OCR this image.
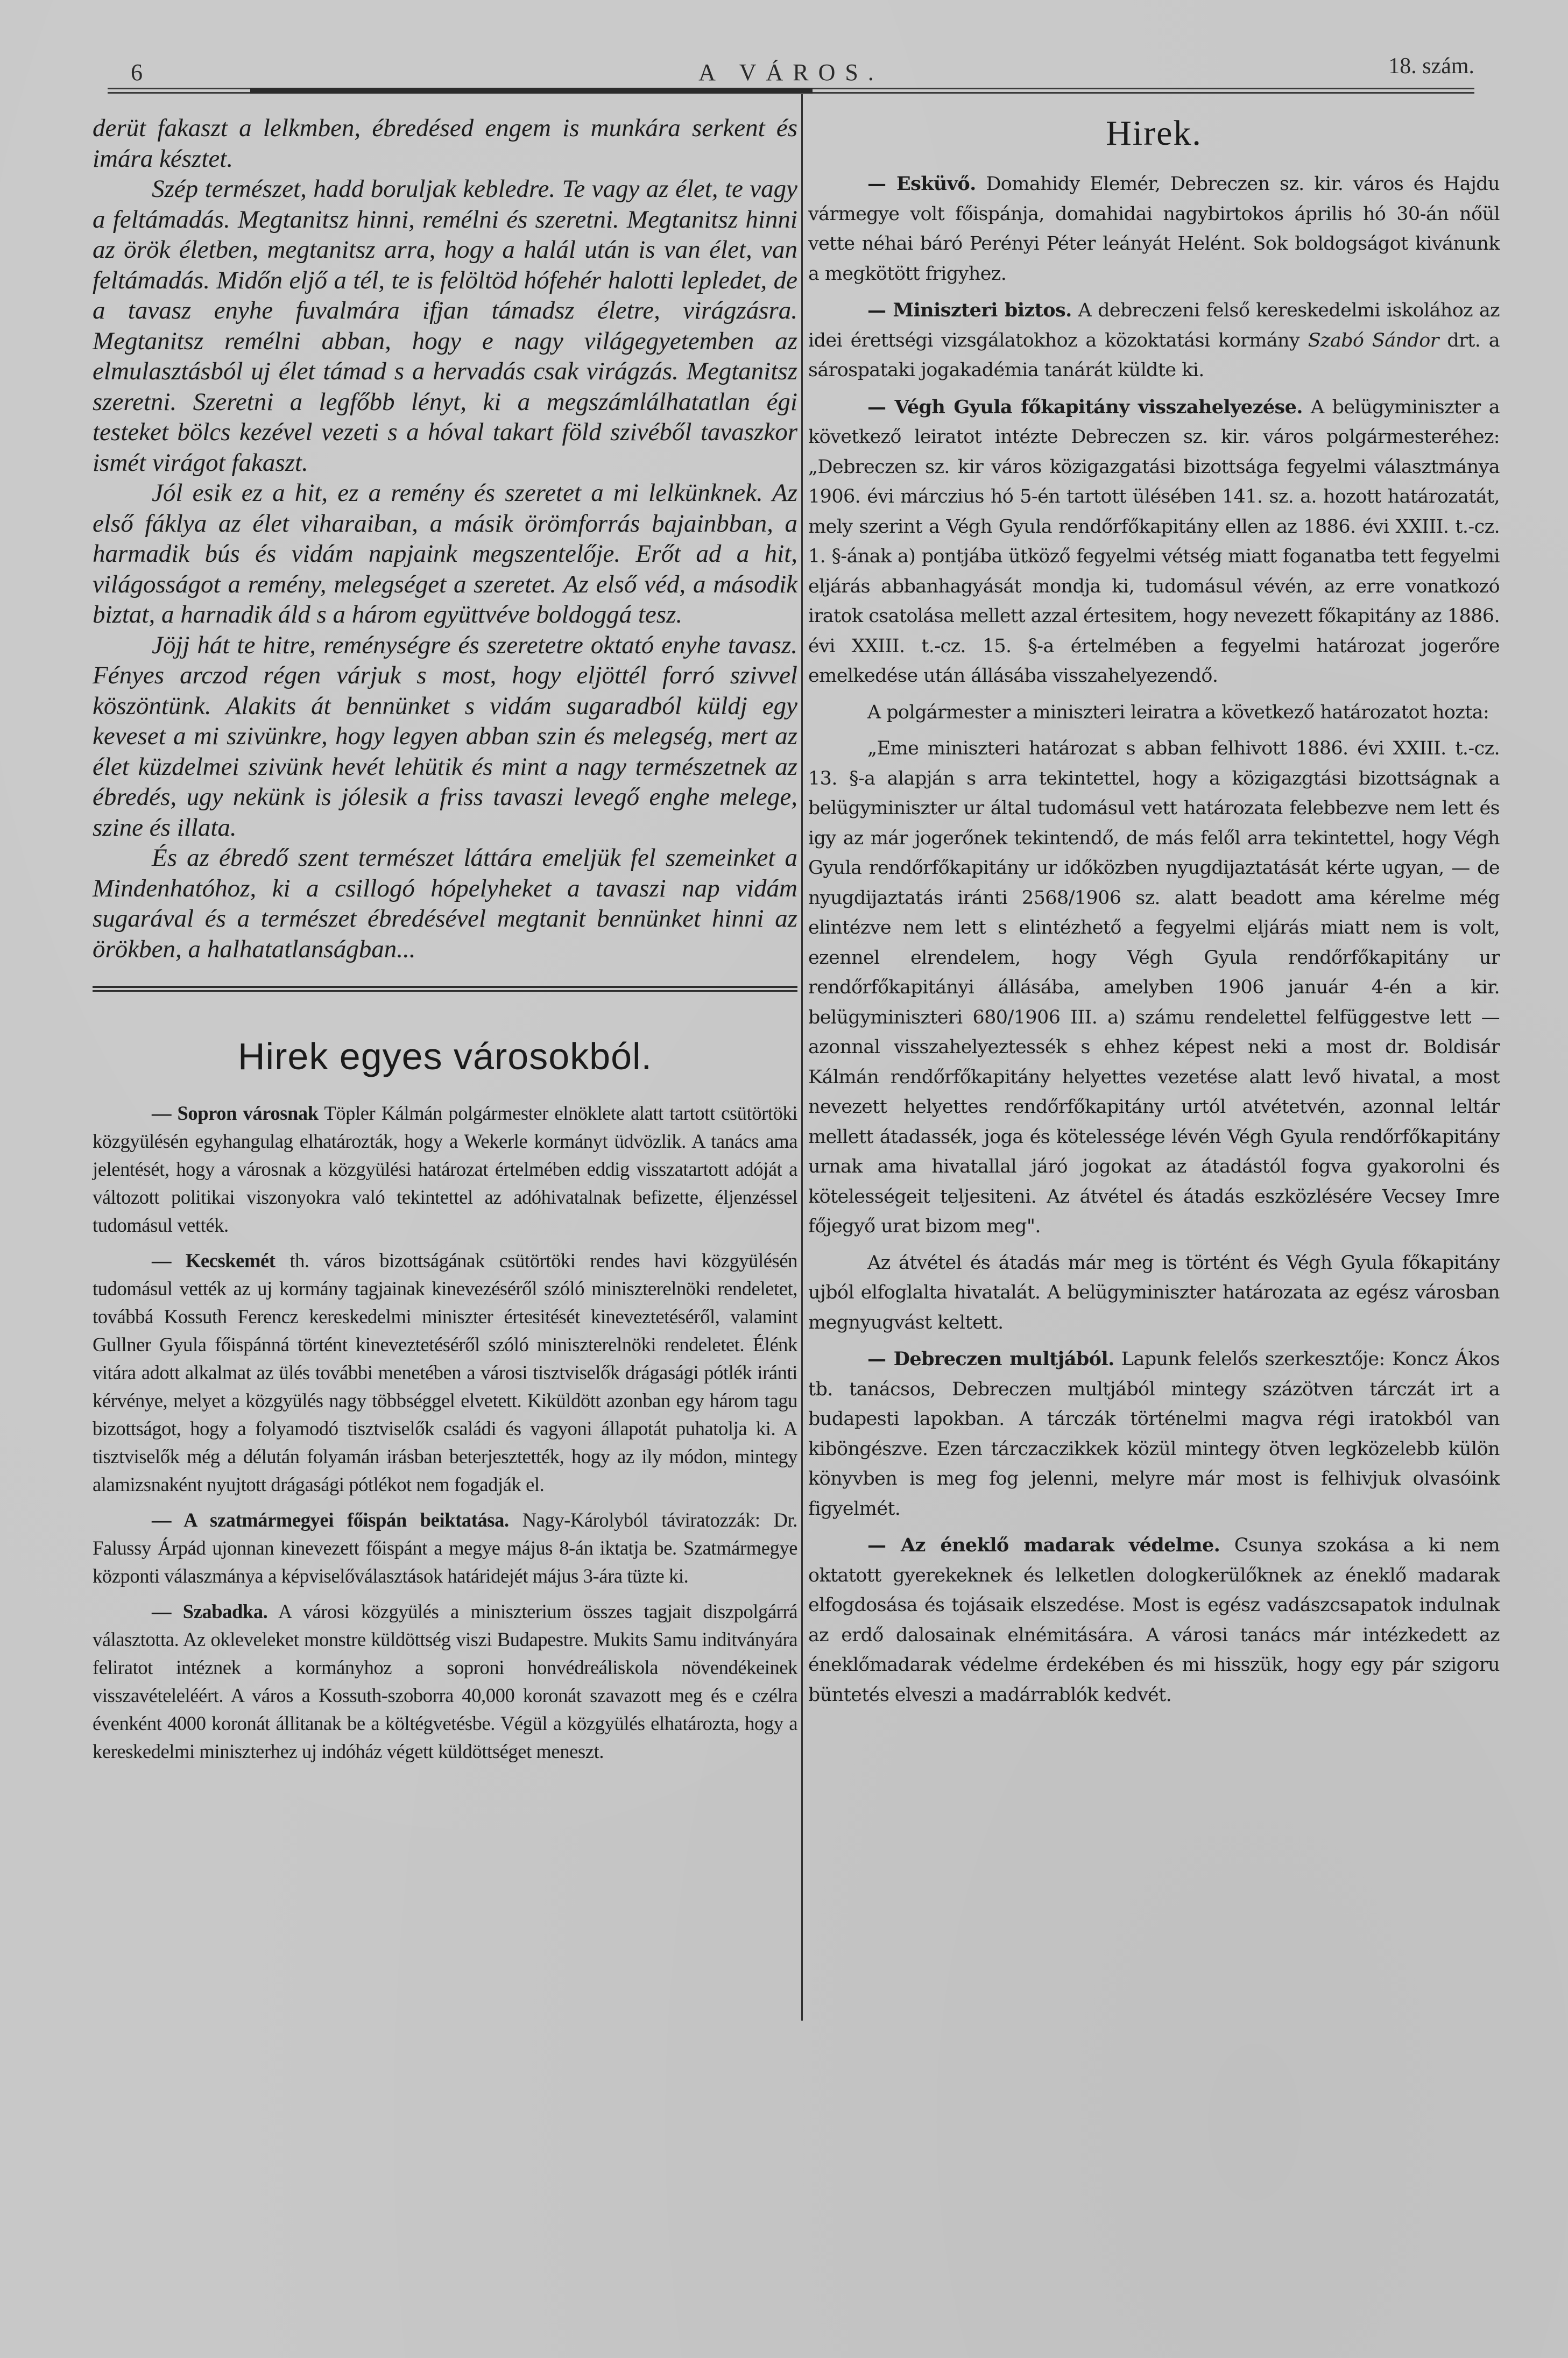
6	A VÁROS.	18. szám.

derüt fakaszt a lelkmben, ébredésed engem is munkára serkent és imára késztet.

Szép természet, hadd boruljak kebledre. Te vagy az élet, te vagy a feltámadás. Megtanitsz hinni, remélni és szeretni. Megtanitsz hinni az örök életben, megtanitsz arra, hogy a halál után is van élet, van feltámadás. Midőn eljő a tél, te is felöltöd hófehér halotti lepledet, de a tavasz enyhe fuvalmára ifjan támadsz életre, virágzásra. Megtanitsz remélni abban, hogy e nagy világegyetemben az elmulasztásból uj élet támad s a hervadás csak virágzás. Megtanitsz szeretni. Szeretni a legfőbb lényt, ki a megszámlálhatatlan égi testeket bölcs kezével vezeti s a hóval takart föld szivéből tavaszkor ismét virágot fakaszt.

Jól esik ez a hit, ez a remény és szeretet a mi lelkünknek. Az első fáklya az élet viharaiban, a másik örömforrás bajainbban, a harmadik bús és vidám napjaink megszentelője. Erőt ad a hit, világosságot a remény, melegséget a szeretet. Az első véd, a második biztat, a harnadik áld s a három együttvéve boldoggá tesz.

Jöjj hát te hitre, reménységre és szeretetre oktató enyhe tavasz. Fényes arczod régen várjuk s most, hogy eljöttél forró szivvel köszöntünk. Alakits át bennünket s vidám sugaradból küldj egy keveset a mi szivünkre, hogy legyen abban szin és melegség, mert az élet küzdelmei szivünk hevét lehütik és mint a nagy természetnek az ébredés, ugy nekünk is jólesik a friss tavaszi levegő enghe melege, szine és illata.

És az ébredő szent természet láttára emeljük fel szemeinket a Mindenhatóhoz, ki a csillogó hópelyheket a tavaszi nap vidám sugarával és a természet ébredésével megtanit bennünket hinni az örökben, a halhatatlanságban...

Hirek egyes városokból.

— Sopron városnak Töpler Kálmán polgármester elnöklete alatt tartott csütörtöki közgyülésén egyhangulag elhatározták, hogy a Wekerle kormányt üdvözlik. A tanács ama jelentését, hogy a városnak a közgyülési határozat értelmében eddig visszatartott adóját a változott politikai viszonyokra való tekintettel az adóhivatalnak befizette, éljenzéssel tudomásul vették.

— Kecskemét th. város bizottságának csütörtöki rendes havi közgyülésén tudomásul vették az uj kormány tagjainak kinevezéséről szóló miniszterelnöki rendeletet, továbbá Kossuth Ferencz kereskedelmi miniszter értesitését kineveztetéséről, valamint Gullner Gyula főispánná történt kineveztetéséről szóló miniszterelnöki rendeletet. Élénk vitára adott alkalmat az ülés további menetében a városi tisztviselők drágasági pótlék iránti kérvénye, melyet a közgyülés nagy többséggel elvetett. Kiküldött azonban egy három tagu bizottságot, hogy a folyamodó tisztviselők családi és vagyoni állapotát puhatolja ki. A tisztviselők még a délután folyamán irásban beterjesztették, hogy az ily módon, mintegy alamizsnaként nyujtott drágasági pótlékot nem fogadják el.

— A szatmármegyei főispán beiktatása. Nagy-Károlyból táviratozzák: Dr. Falussy Árpád ujonnan kinevezett főispánt a megye május 8-án iktatja be. Szatmármegye központi válaszmánya a képviselőválasztások határidejét május 3-ára tüzte ki.

— Szabadka. A városi közgyülés a miniszterium összes tagjait diszpolgárrá választotta. Az okleveleket monstre küldöttség viszi Budapestre. Mukits Samu inditványára feliratot intéznek a kormányhoz a soproni honvédreáliskola növendékeinek visszavételeléért. A város a Kossuth-szoborra 40,000 koronát szavazott meg és e czélra évenként 4000 koronát állitanak be a költégvetésbe. Végül a közgyülés elhatározta, hogy a kereskedelmi miniszterhez uj indóház végett küldöttséget meneszt.

Hirek.

— Esküvő. Domahidy Elemér, Debreczen sz. kir. város és Hajdu vármegye volt főispánja, domahidai nagybirtokos április hó 30-án nőül vette néhai báró Perényi Péter leányát Helént. Sok boldogságot kivánunk a megkötött frigyhez.

— Miniszteri biztos. A debreczeni felső kereskedelmi iskolához az idei érettségi vizsgálatokhoz a közoktatási kormány Szabó Sándor drt. a sárospataki jogakadémia tanárát küldte ki.

— Végh Gyula főkapitány visszahelyezése. A belügyminiszter a következő leiratot intézte Debreczen sz. kir. város polgármesteréhez: „Debreczen sz. kir város közigazgatási bizottsága fegyelmi választmánya 1906. évi márczius hó 5-én tartott ülésében 141. sz. a. hozott határozatát, mely szerint a Végh Gyula rendőrfőkapitány ellen az 1886. évi XXIII. t.-cz. 1. §-ának a) pontjába ütköző fegyelmi vétség miatt foganatba tett fegyelmi eljárás abbanhagyását mondja ki, tudomásul vévén, az erre vonatkozó iratok csatolása mellett azzal értesitem, hogy nevezett főkapitány az 1886. évi XXIII. t.-cz. 15. §-a értelmében a fegyelmi határozat jogerőre emelkedése után állásába visszahelyezendő.

A polgármester a miniszteri leiratra a következő határozatot hozta:

„Eme miniszteri határozat s abban felhivott 1886. évi XXIII. t.-cz. 13. §-a alapján s arra tekintettel, hogy a közigazgtási bizottságnak a belügyminiszter ur által tudomásul vett határozata felebbezve nem lett és igy az már jogerőnek tekintendő, de más felől arra tekintettel, hogy Végh Gyula rendőrfőkapitány ur időközben nyugdijaztatását kérte ugyan, — de nyugdijaztatás iránti 2568/1906 sz. alatt beadott ama kérelme még elintézve nem lett s elintézhető a fegyelmi eljárás miatt nem is volt, ezennel elrendelem, hogy Végh Gyula rendőrfőkapitány ur rendőrfőkapitányi állásába, amelyben 1906 január 4-én a kir. belügyminiszteri 680/1906 III. a) számu rendelettel felfüggestve lett — azonnal visszahelyeztessék s ehhez képest neki a most dr. Boldisár Kálmán rendőrfőkapitány helyettes vezetése alatt levő hivatal, a most nevezett helyettes rendőrfőkapitány urtól atvétetvén, azonnal leltár mellett átadassék, joga és kötelessége lévén Végh Gyula rendőrfőkapitány urnak ama hivatallal járó jogokat az átadástól fogva gyakorolni és kötelességeit teljesiteni. Az átvétel és átadás eszközlésére Vecsey Imre főjegyő urat bizom meg".

Az átvétel és átadás már meg is történt és Végh Gyula főkapitány ujból elfoglalta hivatalát. A belügyminiszter határozata az egész városban megnyugvást keltett.

— Debreczen multjából. Lapunk felelős szerkesztője: Koncz Ákos tb. tanácsos, Debreczen multjából mintegy százötven tárczát irt a budapesti lapokban. A tárczák történelmi magva régi iratokból van kiböngészve. Ezen tárczaczikkek közül mintegy ötven legközelebb külön könyvben is meg fog jelenni, melyre már most is felhivjuk olvasóink figyelmét.

— Az éneklő madarak védelme. Csunya szokása a ki nem oktatott gyerekeknek és lelketlen dologkerülőknek az éneklő madarak elfogdosása és tojásaik elszedése. Most is egész vadászcsapatok indulnak az erdő dalosainak elnémitására. A városi tanács már intézkedett az éneklőmadarak védelme érdekében és mi hisszük, hogy egy pár szigoru büntetés elveszi a madárrablók kedvét.
